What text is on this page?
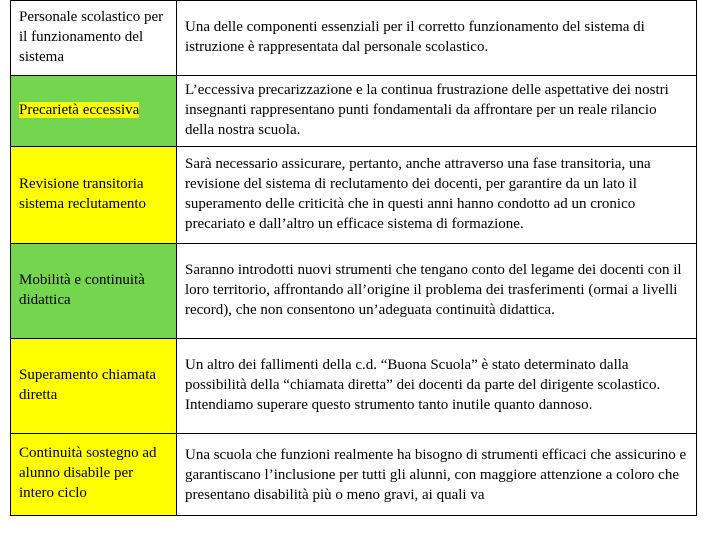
Personale scolastico per il funzionamento del sistema	Una delle componenti essenziali per il corretto funzionamento del sistema di istruzione è rappresentata dal personale scolastico.
Precarietà eccessiva	L’eccessiva precarizzazione e la continua frustrazione delle aspettative dei nostri insegnanti rappresentano punti fondamentali da affrontare per un reale rilancio della nostra scuola.
Revisione transitoria sistema reclutamento	Sarà necessario assicurare, pertanto, anche attraverso una fase transitoria, una revisione del sistema di reclutamento dei docenti, per garantire da un lato il superamento delle criticità che in questi anni hanno condotto ad un cronico precariato e dall’altro un efficace sistema di formazione.
Mobilità e continuità didattica	Saranno introdotti nuovi strumenti che tengano conto del legame dei docenti con il loro territorio, affrontando all’origine il problema dei trasferimenti (ormai a livelli record), che non consentono un’adeguata continuità didattica.
Superamento chiamata diretta	Un altro dei fallimenti della c.d. “Buona Scuola” è stato determinato dalla possibilità della “chiamata diretta” dei docenti da parte del dirigente scolastico. Intendiamo superare questo strumento tanto inutile quanto dannoso.
Continuità sostegno ad alunno disabile per intero ciclo	Una scuola che funzioni realmente ha bisogno di strumenti efficaci che assicurino e garantiscano l’inclusione per tutti gli alunni, con maggiore attenzione a coloro che presentano disabilità più o meno gravi, ai quali va
